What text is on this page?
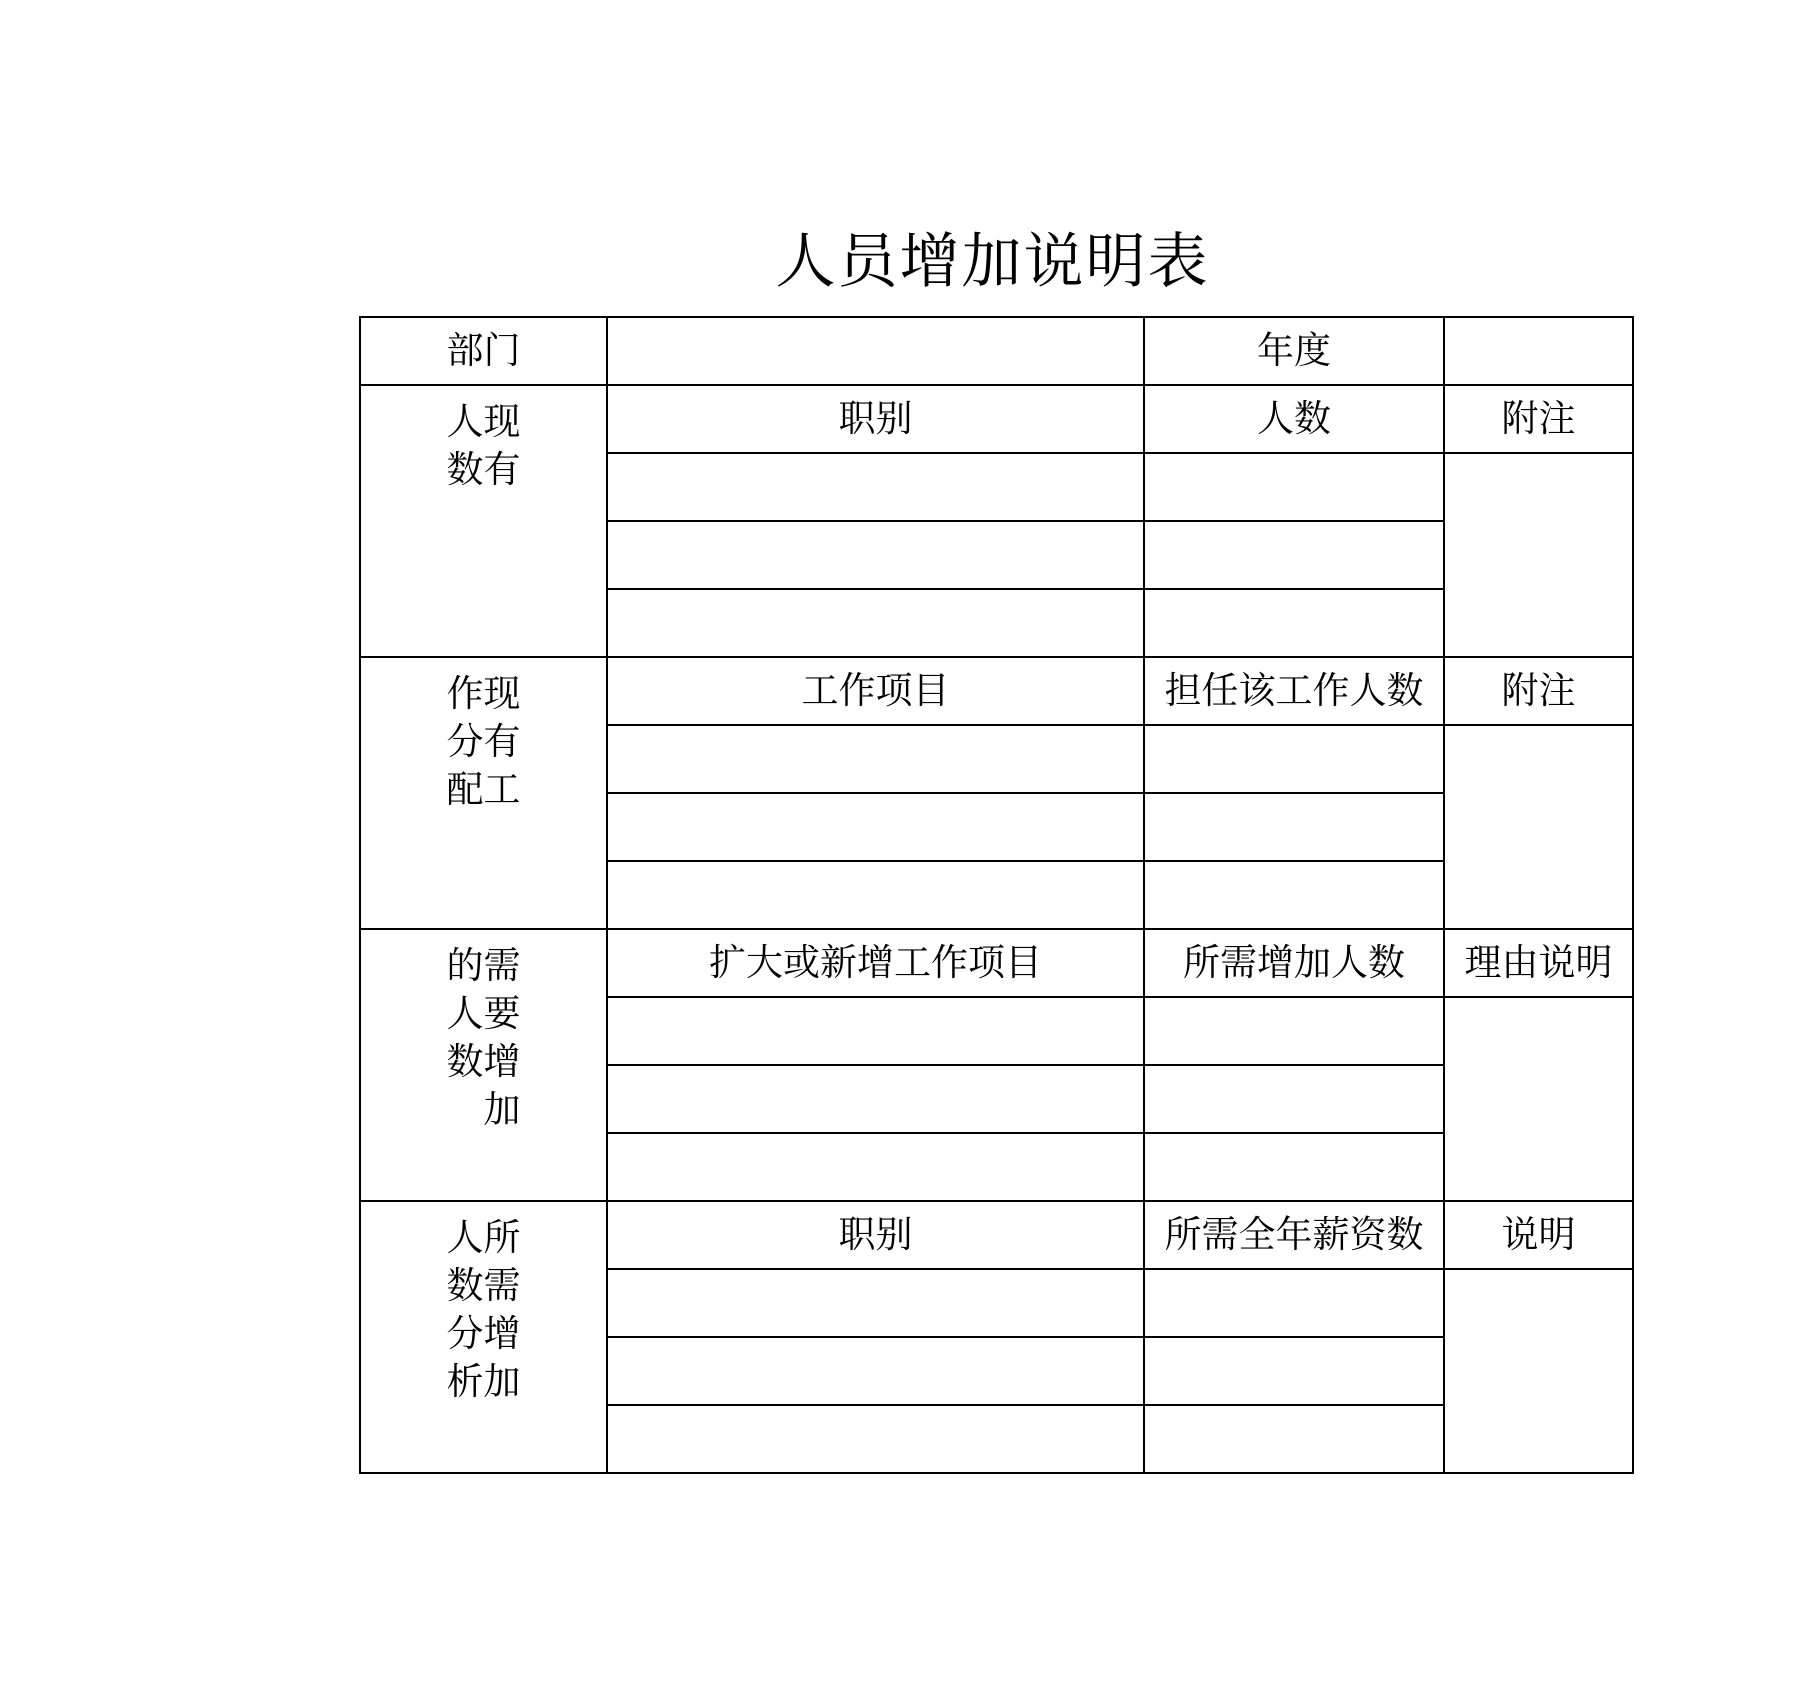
人员增加说明表
部门		年度	

人现
数有	职别	人数	附注

作现
分有
配工	工作项目	担任该工作人数	附注

的需
人要
数增
加	扩大或新增工作项目	所需增加人数	理由说明

人所
数需
分增
析加	职别	所需全年薪资数	说明
